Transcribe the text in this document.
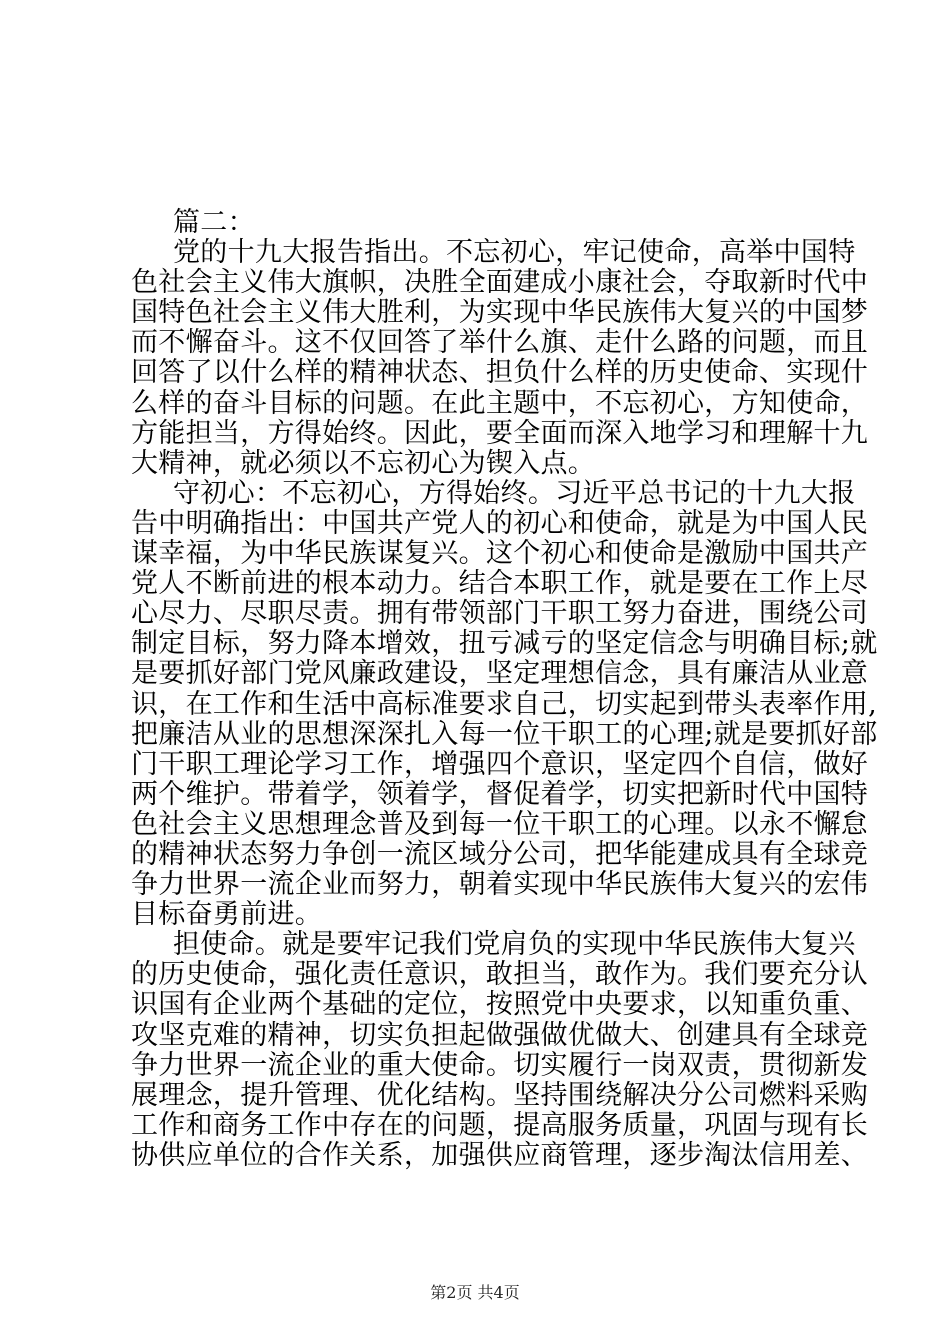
篇二：
党的十九大报告指出。不忘初心，牢记使命，高举中国特
色社会主义伟大旗帜，决胜全面建成小康社会，夺取新时代中
国特色社会主义伟大胜利，为实现中华民族伟大复兴的中国梦
而不懈奋斗。这不仅回答了举什么旗、走什么路的问题，而且
回答了以什么样的精神状态、担负什么样的历史使命、实现什
么样的奋斗目标的问题。在此主题中，不忘初心，方知使命，
方能担当，方得始终。因此，要全面而深入地学习和理解十九
大精神，就必须以不忘初心为锲入点。
守初心：不忘初心，方得始终。习近平总书记的十九大报
告中明确指出：中国共产党人的初心和使命，就是为中国人民
谋幸福，为中华民族谋复兴。这个初心和使命是激励中国共产
党人不断前进的根本动力。结合本职工作，就是要在工作上尽
心尽力、尽职尽责。拥有带领部门干职工努力奋进，围绕公司
制定目标，努力降本增效，扭亏减亏的坚定信念与明确目标;就
是要抓好部门党风廉政建设，坚定理想信念，具有廉洁从业意
识，在工作和生活中高标准要求自己，切实起到带头表率作用,
把廉洁从业的思想深深扎入每一位干职工的心理;就是要抓好部
门干职工理论学习工作，增强四个意识，坚定四个自信，做好
两个维护。带着学，领着学，督促着学，切实把新时代中国特
色社会主义思想理念普及到每一位干职工的心理。以永不懈怠
的精神状态努力争创一流区域分公司，把华能建成具有全球竞
争力世界一流企业而努力，朝着实现中华民族伟大复兴的宏伟
目标奋勇前进。
担使命。就是要牢记我们党肩负的实现中华民族伟大复兴
的历史使命，强化责任意识，敢担当，敢作为。我们要充分认
识国有企业两个基础的定位，按照党中央要求，以知重负重、
攻坚克难的精神，切实负担起做强做优做大、创建具有全球竞
争力世界一流企业的重大使命。切实履行一岗双责，贯彻新发
展理念，提升管理、优化结构。坚持围绕解决分公司燃料采购
工作和商务工作中存在的问题，提高服务质量，巩固与现有长
协供应单位的合作关系，加强供应商管理，逐步淘汰信用差、
第2页 共4页
